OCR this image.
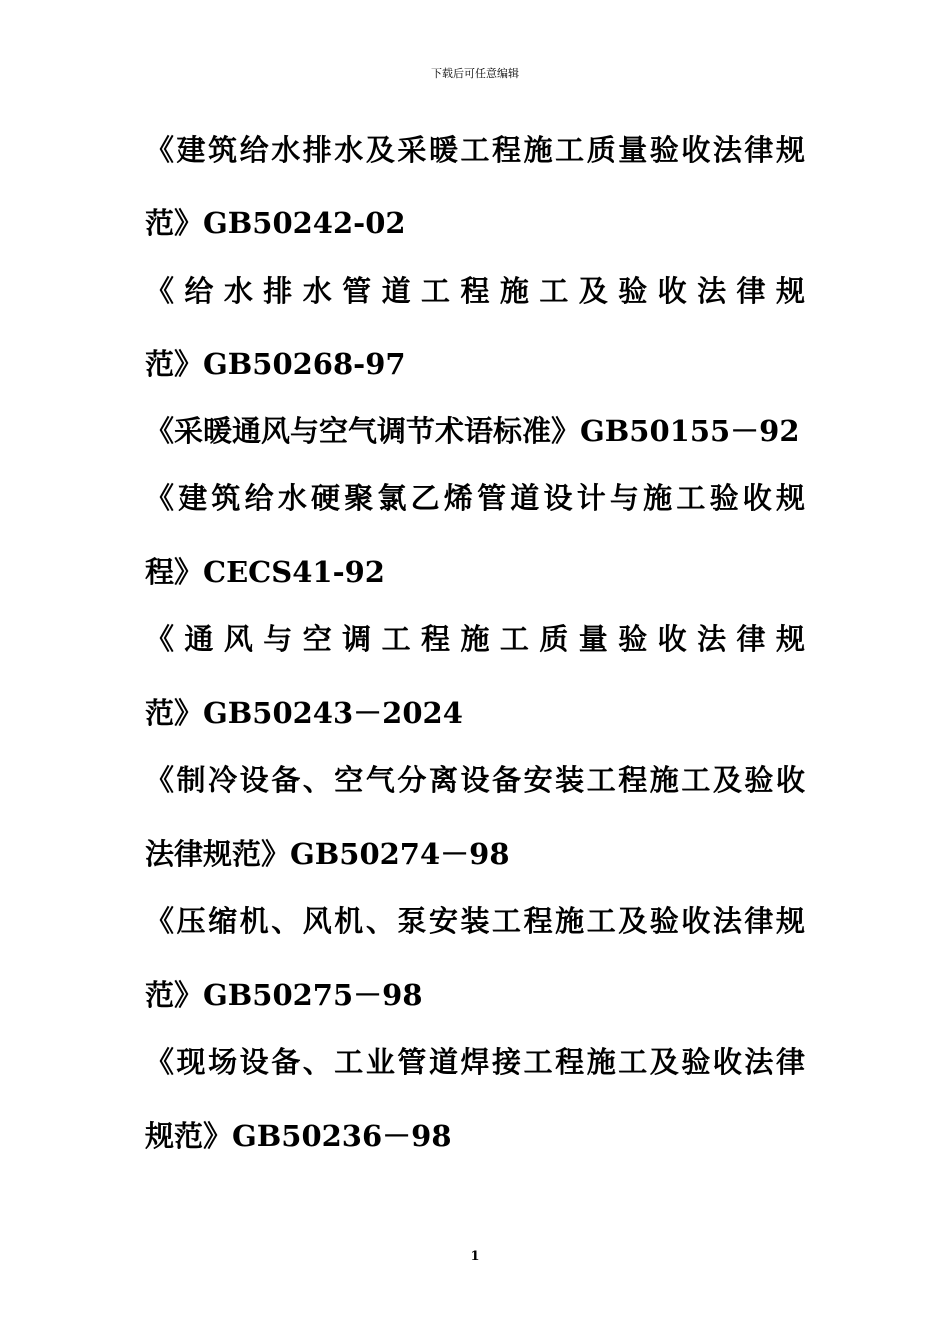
下载后可任意编辑
《建筑给水排水及采暖工程施工质量验收法律规
范》GB50242-02
《给水排水管道工程施工及验收法律规
范》GB50268-97
《采暖通风与空气调节术语标准》GB50155－92
《建筑给水硬聚氯乙烯管道设计与施工验收规
程》CECS41-92
《通风与空调工程施工质量验收法律规
范》GB50243－2024
《制冷设备、空气分离设备安装工程施工及验收
法律规范》GB50274－98
《压缩机、风机、泵安装工程施工及验收法律规
范》GB50275－98
《现场设备、工业管道焊接工程施工及验收法律
规范》GB50236－98
1
